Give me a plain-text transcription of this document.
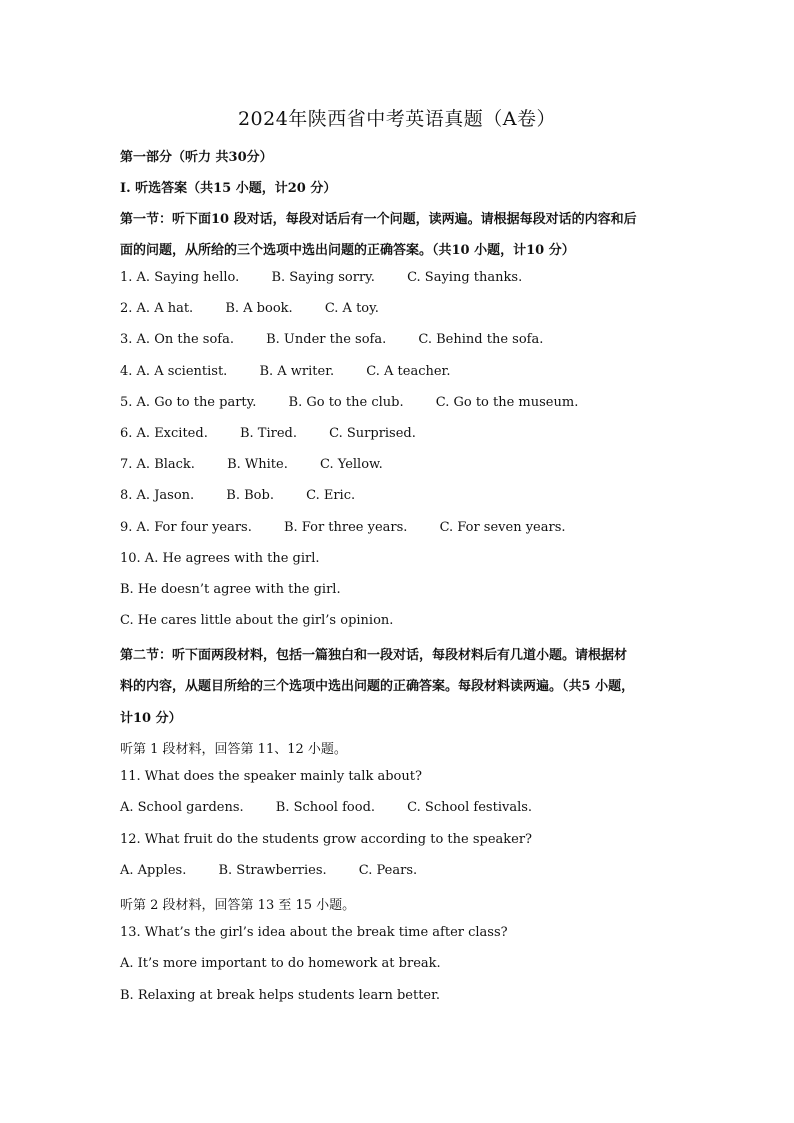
2024年陕西省中考英语真题（A卷）
第一部分（听力 共30分）
Ⅰ. 听选答案（共15 小题，计20 分）
第一节：听下面10 段对话，每段对话后有一个问题，读两遍。请根据每段对话的内容和后
面的问题，从所给的三个选项中选出问题的正确答案。（共10 小题，计10 分）
1. A. Saying hello. B. Saying sorry. C. Saying thanks.
2. A. A hat. B. A book. C. A toy.
3. A. On the sofa. B. Under the sofa. C. Behind the sofa.
4. A. A scientist. B. A writer. C. A teacher.
5. A. Go to the party. B. Go to the club. C. Go to the museum.
6. A. Excited. B. Tired. C. Surprised.
7. A. Black. B. White. C. Yellow.
8. A. Jason. B. Bob. C. Eric.
9. A. For four years. B. For three years. C. For seven years.
10. A. He agrees with the girl.
B. He doesn’t agree with the girl.
C. He cares little about the girl’s opinion.
第二节：听下面两段材料，包括一篇独白和一段对话，每段材料后有几道小题。请根据材
料的内容，从题目所给的三个选项中选出问题的正确答案。每段材料读两遍。（共5 小题，
计10 分）
听第 1 段材料，回答第 11、12 小题。
11. What does the speaker mainly talk about?
A. School gardens. B. School food. C. School festivals.
12. What fruit do the students grow according to the speaker?
A. Apples. B. Strawberries. C. Pears.
听第 2 段材料，回答第 13 至 15 小题。
13. What’s the girl’s idea about the break time after class?
A. It’s more important to do homework at break.
B. Relaxing at break helps students learn better.
